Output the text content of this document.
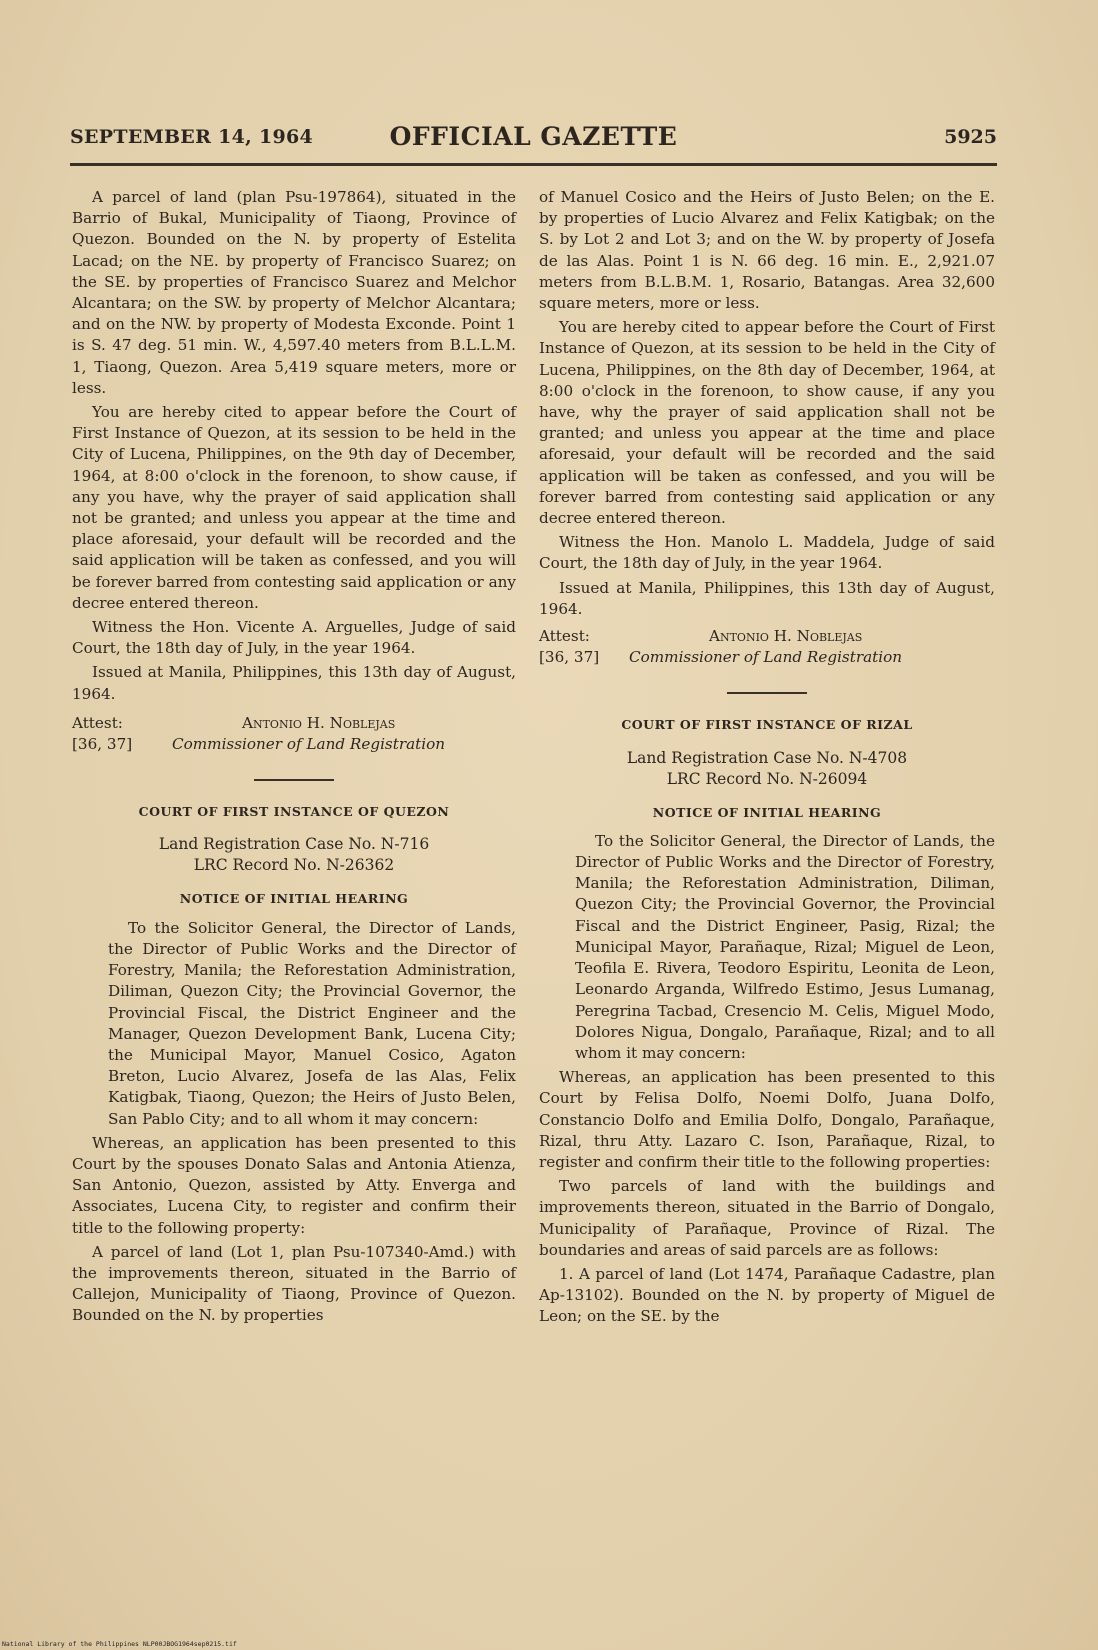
SEPTEMBER 14, 1964	OFFICIAL GAZETTE	5925

A parcel of land (plan Psu-197864), situated in the Barrio of Bukal, Municipality of Tiaong, Province of Quezon. Bounded on the N. by property of Estelita Lacad; on the NE. by property of Francisco Suarez; on the SE. by properties of Francisco Suarez and Melchor Alcantara; on the SW. by property of Melchor Alcantara; and on the NW. by property of Modesta Exconde. Point 1 is S. 47 deg. 51 min. W., 4,597.40 meters from B.L.L.M. 1, Tiaong, Quezon. Area 5,419 square meters, more or less.

You are hereby cited to appear before the Court of First Instance of Quezon, at its session to be held in the City of Lucena, Philippines, on the 9th day of December, 1964, at 8:00 o'clock in the forenoon, to show cause, if any you have, why the prayer of said application shall not be granted; and unless you appear at the time and place aforesaid, your default will be recorded and the said application will be taken as confessed, and you will be forever barred from contesting said application or any decree entered thereon.

Witness the Hon. Vicente A. Arguelles, Judge of said Court, the 18th day of July, in the year 1964.

Issued at Manila, Philippines, this 13th day of August, 1964.

Attest:	Antonio H. Noblejas
[36, 37]	Commissioner of Land Registration
COURT OF FIRST INSTANCE OF QUEZON
Land Registration Case No. N-716
LRC Record No. N-26362
NOTICE OF INITIAL HEARING

To the Solicitor General, the Director of Lands, the Director of Public Works and the Director of Forestry, Manila; the Reforestation Administration, Diliman, Quezon City; the Provincial Governor, the Provincial Fiscal, the District Engineer and the Manager, Quezon Development Bank, Lucena City; the Municipal Mayor, Manuel Cosico, Agaton Breton, Lucio Alvarez, Josefa de las Alas, Felix Katigbak, Tiaong, Quezon; the Heirs of Justo Belen, San Pablo City; and to all whom it may concern:

Whereas, an application has been presented to this Court by the spouses Donato Salas and Antonia Atienza, San Antonio, Quezon, assisted by Atty. Enverga and Associates, Lucena City, to register and confirm their title to the following property:

A parcel of land (Lot 1, plan Psu-107340-Amd.) with the improvements thereon, situated in the Barrio of Callejon, Municipality of Tiaong, Province of Quezon. Bounded on the N. by properties

of Manuel Cosico and the Heirs of Justo Belen; on the E. by properties of Lucio Alvarez and Felix Katigbak; on the S. by Lot 2 and Lot 3; and on the W. by property of Josefa de las Alas. Point 1 is N. 66 deg. 16 min. E., 2,921.07 meters from B.L.B.M. 1, Rosario, Batangas. Area 32,600 square meters, more or less.

You are hereby cited to appear before the Court of First Instance of Quezon, at its session to be held in the City of Lucena, Philippines, on the 8th day of December, 1964, at 8:00 o'clock in the forenoon, to show cause, if any you have, why the prayer of said application shall not be granted; and unless you appear at the time and place aforesaid, your default will be recorded and the said application will be taken as confessed, and you will be forever barred from contesting said application or any decree entered thereon.

Witness the Hon. Manolo L. Maddela, Judge of said Court, the 18th day of July, in the year 1964.

Issued at Manila, Philippines, this 13th day of August, 1964.

Attest:	Antonio H. Noblejas
[36, 37]	Commissioner of Land Registration
COURT OF FIRST INSTANCE OF RIZAL
Land Registration Case No. N-4708
LRC Record No. N-26094
NOTICE OF INITIAL HEARING

To the Solicitor General, the Director of Lands, the Director of Public Works and the Director of Forestry, Manila; the Reforestation Administration, Diliman, Quezon City; the Provincial Governor, the Provincial Fiscal and the District Engineer, Pasig, Rizal; the Municipal Mayor, Parañaque, Rizal; Miguel de Leon, Teofila E. Rivera, Teodoro Espiritu, Leonita de Leon, Leonardo Arganda, Wilfredo Estimo, Jesus Lumanag, Peregrina Tacbad, Cresencio M. Celis, Miguel Modo, Dolores Nigua, Dongalo, Parañaque, Rizal; and to all whom it may concern:

Whereas, an application has been presented to this Court by Felisa Dolfo, Noemi Dolfo, Juana Dolfo, Constancio Dolfo and Emilia Dolfo, Dongalo, Parañaque, Rizal, thru Atty. Lazaro C. Ison, Parañaque, Rizal, to register and confirm their title to the following properties:

Two parcels of land with the buildings and improvements thereon, situated in the Barrio of Dongalo, Municipality of Parañaque, Province of Rizal. The boundaries and areas of said parcels are as follows:

1. A parcel of land (Lot 1474, Parañaque Cadastre, plan Ap-13102). Bounded on the N. by property of Miguel de Leon; on the SE. by the

National Library of the Philippines NLP00JBOG1964sep0215.tif
